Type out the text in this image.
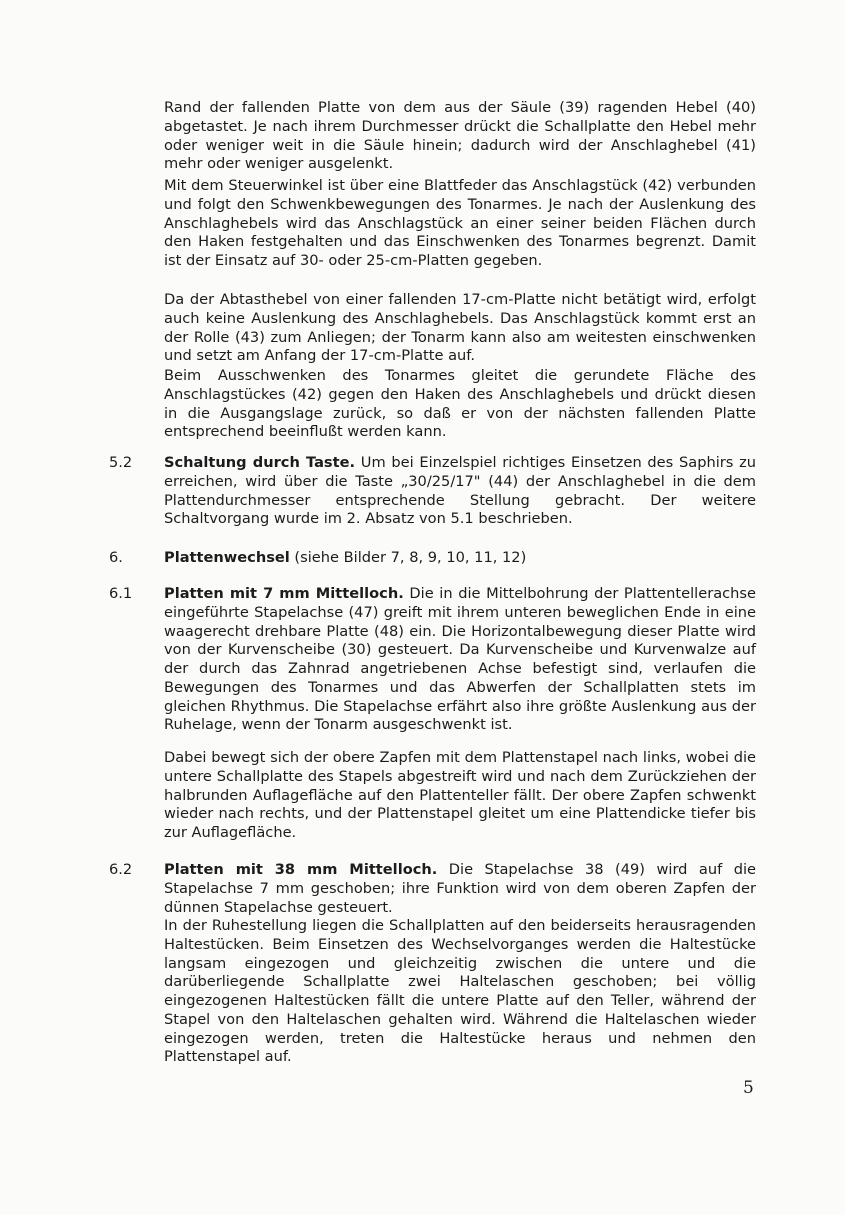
Rand der fallenden Platte von dem aus der Säule (39) ragenden Hebel (40) abgetastet. Je nach ihrem Durchmesser drückt die Schallplatte den Hebel mehr oder weniger weit in die Säule hinein; dadurch wird der Anschlaghebel (41) mehr oder weniger ausgelenkt.

Mit dem Steuerwinkel ist über eine Blattfeder das Anschlagstück (42) verbunden und folgt den Schwenkbewegungen des Tonarmes. Je nach der Auslenkung des Anschlaghebels wird das Anschlagstück an einer seiner beiden Flächen durch den Haken festgehalten und das Einschwenken des Tonarmes begrenzt. Damit ist der Einsatz auf 30- oder 25-cm-Platten gegeben.

Da der Abtasthebel von einer fallenden 17-cm-Platte nicht betätigt wird, erfolgt auch keine Auslenkung des Anschlaghebels. Das Anschlagstück kommt erst an der Rolle (43) zum Anliegen; der Tonarm kann also am weitesten einschwenken und setzt am Anfang der 17-cm-Platte auf.

Beim Ausschwenken des Tonarmes gleitet die gerundete Fläche des Anschlagstückes (42) gegen den Haken des Anschlaghebels und drückt diesen in die Ausgangslage zurück, so daß er von der nächsten fallenden Platte entsprechend beeinflußt werden kann.

5.2 Schaltung durch Taste. Um bei Einzelspiel richtiges Einsetzen des Saphirs zu erreichen, wird über die Taste „30/25/17" (44) der Anschlaghebel in die dem Plattendurchmesser entsprechende Stellung gebracht. Der weitere Schaltvorgang wurde im 2. Absatz von 5.1 beschrieben.

6.	Plattenwechsel (siehe Bilder 7, 8, 9, 10, 11, 12)

6.1 Platten mit 7 mm Mittelloch. Die in die Mittelbohrung der Plattentellerachse eingeführte Stapelachse (47) greift mit ihrem unteren beweglichen Ende in eine waagerecht drehbare Platte (48) ein. Die Horizontalbewegung dieser Platte wird von der Kurvenscheibe (30) gesteuert. Da Kurvenscheibe und Kurvenwalze auf der durch das Zahnrad angetriebenen Achse befestigt sind, verlaufen die Bewegungen des Tonarmes und das Abwerfen der Schallplatten stets im gleichen Rhythmus. Die Stapelachse erfährt also ihre größte Auslenkung aus der Ruhelage, wenn der Tonarm ausgeschwenkt ist.

Dabei bewegt sich der obere Zapfen mit dem Plattenstapel nach links, wobei die untere Schallplatte des Stapels abgestreift wird und nach dem Zurückziehen der halbrunden Auflagefläche auf den Plattenteller fällt. Der obere Zapfen schwenkt wieder nach rechts, und der Plattenstapel gleitet um eine Plattendicke tiefer bis zur Auflagefläche.

6.2 Platten mit 38 mm Mittelloch. Die Stapelachse 38 (49) wird auf die Stapelachse 7 mm geschoben; ihre Funktion wird von dem oberen Zapfen der dünnen Stapelachse gesteuert.

In der Ruhestellung liegen die Schallplatten auf den beiderseits herausragenden Haltestücken. Beim Einsetzen des Wechselvorganges werden die Haltestücke langsam eingezogen und gleichzeitig zwischen die untere und die darüberliegende Schallplatte zwei Haltelaschen geschoben; bei völlig eingezogenen Haltestücken fällt die untere Platte auf den Teller, während der Stapel von den Haltelaschen gehalten wird. Während die Haltelaschen wieder eingezogen werden, treten die Haltestücke heraus und nehmen den Plattenstapel auf.

5
